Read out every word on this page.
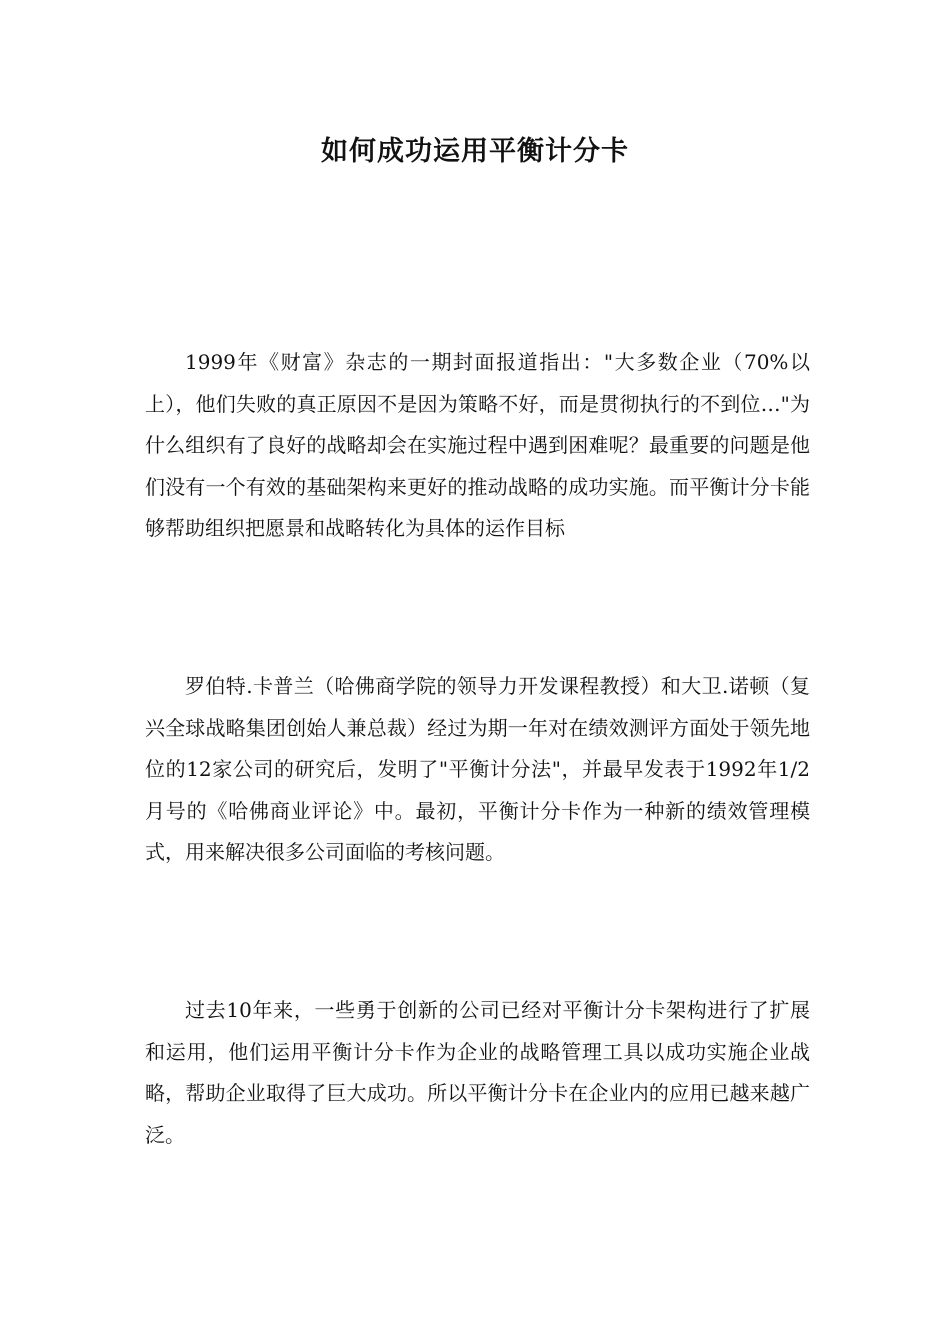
如何成功运用平衡计分卡

1999年《财富》杂志的一期封面报道指出："大多数企业（70%以上），他们失败的真正原因不是因为策略不好，而是贯彻执行的不到位…"为什么组织有了良好的战略却会在实施过程中遇到困难呢？最重要的问题是他们没有一个有效的基础架构来更好的推动战略的成功实施。而平衡计分卡能够帮助组织把愿景和战略转化为具体的运作目标

罗伯特.卡普兰（哈佛商学院的领导力开发课程教授）和大卫.诺顿（复兴全球战略集团创始人兼总裁）经过为期一年对在绩效测评方面处于领先地位的12家公司的研究后，发明了"平衡计分法"，并最早发表于1992年1/2月号的《哈佛商业评论》中。最初，平衡计分卡作为一种新的绩效管理模式，用来解决很多公司面临的考核问题。

过去10年来，一些勇于创新的公司已经对平衡计分卡架构进行了扩展和运用，他们运用平衡计分卡作为企业的战略管理工具以成功实施企业战略，帮助企业取得了巨大成功。所以平衡计分卡在企业内的应用已越来越广泛。
